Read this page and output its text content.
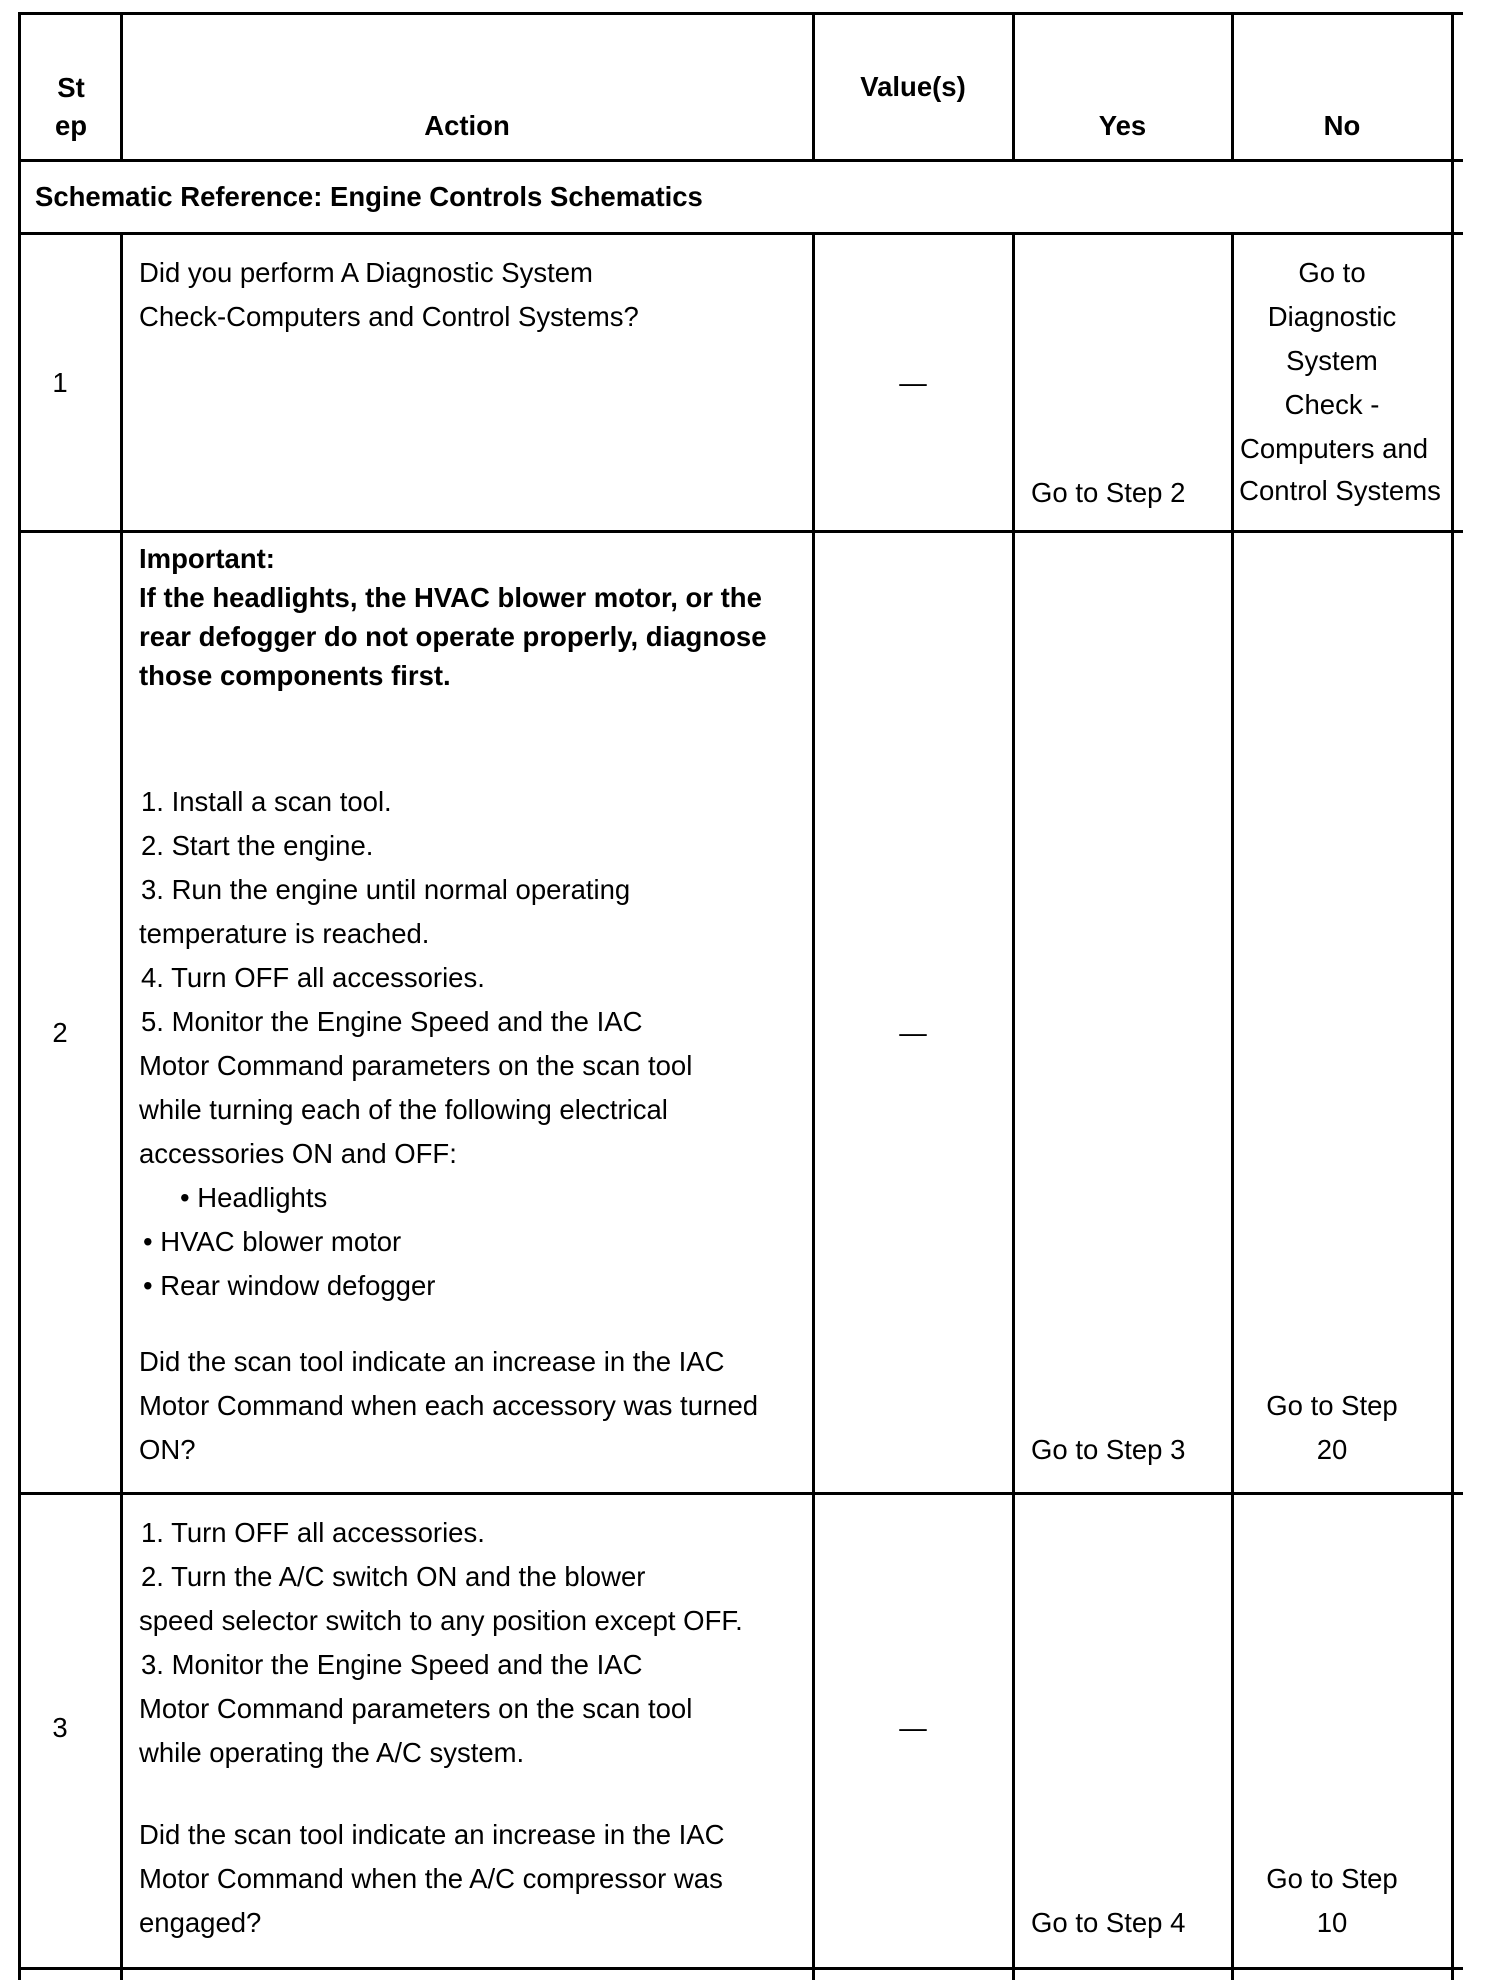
St
ep	Action
Value(s)
Yes	No
Schematic Reference: Engine Controls Schematics
1
Did you perform A Diagnostic System
Check-Computers and Control Systems?
—
Go to Step 2
Go to
Diagnostic
System
Check -
Computers and
Control Systems
2
Important:
If the headlights, the HVAC blower motor, or the
rear defogger do not operate properly, diagnose
those components first.
1. Install a scan tool.
2. Start the engine.
3. Run the engine until normal operating
temperature is reached.
4. Turn OFF all accessories.
5. Monitor the Engine Speed and the IAC
Motor Command parameters on the scan tool
while turning each of the following electrical
accessories ON and OFF:
• Headlights
• HVAC blower motor
• Rear window defogger
Did the scan tool indicate an increase in the IAC
Motor Command when each accessory was turned
ON?
—
Go to Step 3
Go to Step
20
3
1. Turn OFF all accessories.
2. Turn the A/C switch ON and the blower
speed selector switch to any position except OFF.
3. Monitor the Engine Speed and the IAC
Motor Command parameters on the scan tool
while operating the A/C system.
Did the scan tool indicate an increase in the IAC
Motor Command when the A/C compressor was
engaged?
—
Go to Step 4
Go to Step
10
